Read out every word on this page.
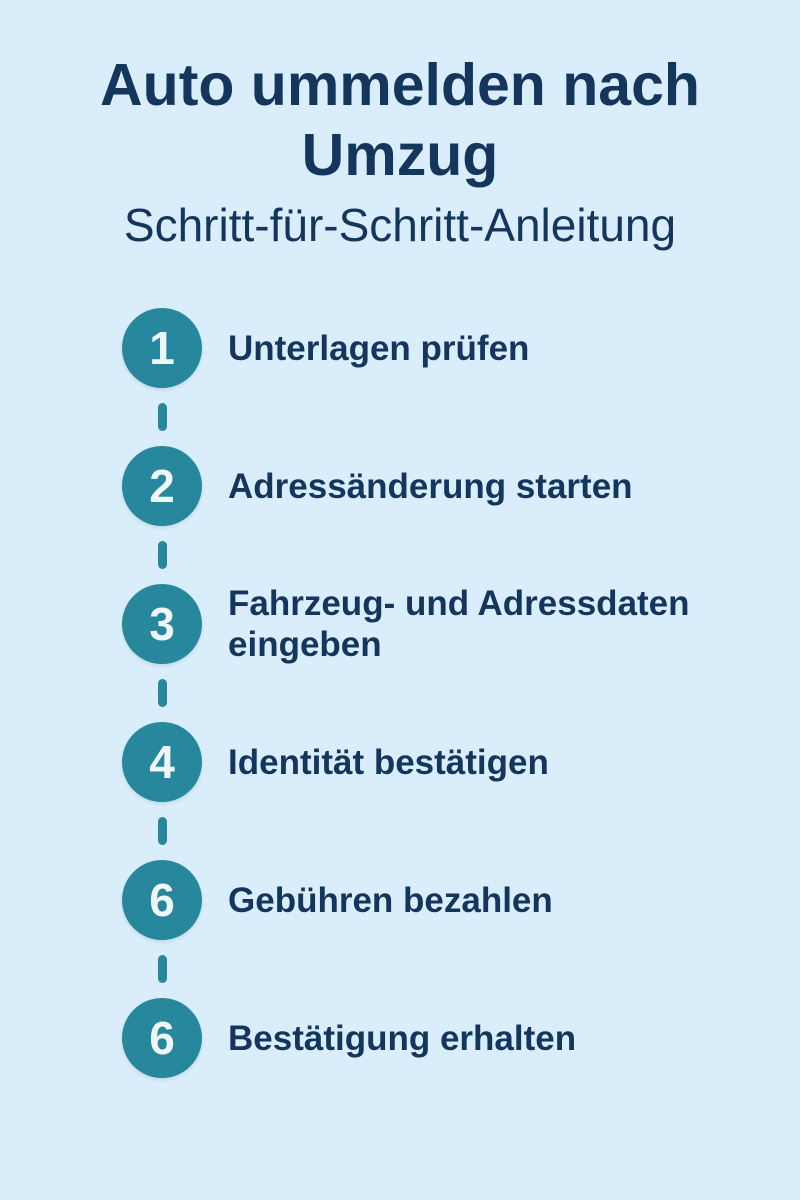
Auto ummelden nach
Umzug
Schritt-für-Schritt-Anleitung
1 Unterlagen prüfen
2 Adressänderung starten
3 Fahrzeug- und Adressdaten eingeben
4 Identität bestätigen
6 Gebühren bezahlen
6 Bestätigung erhalten
